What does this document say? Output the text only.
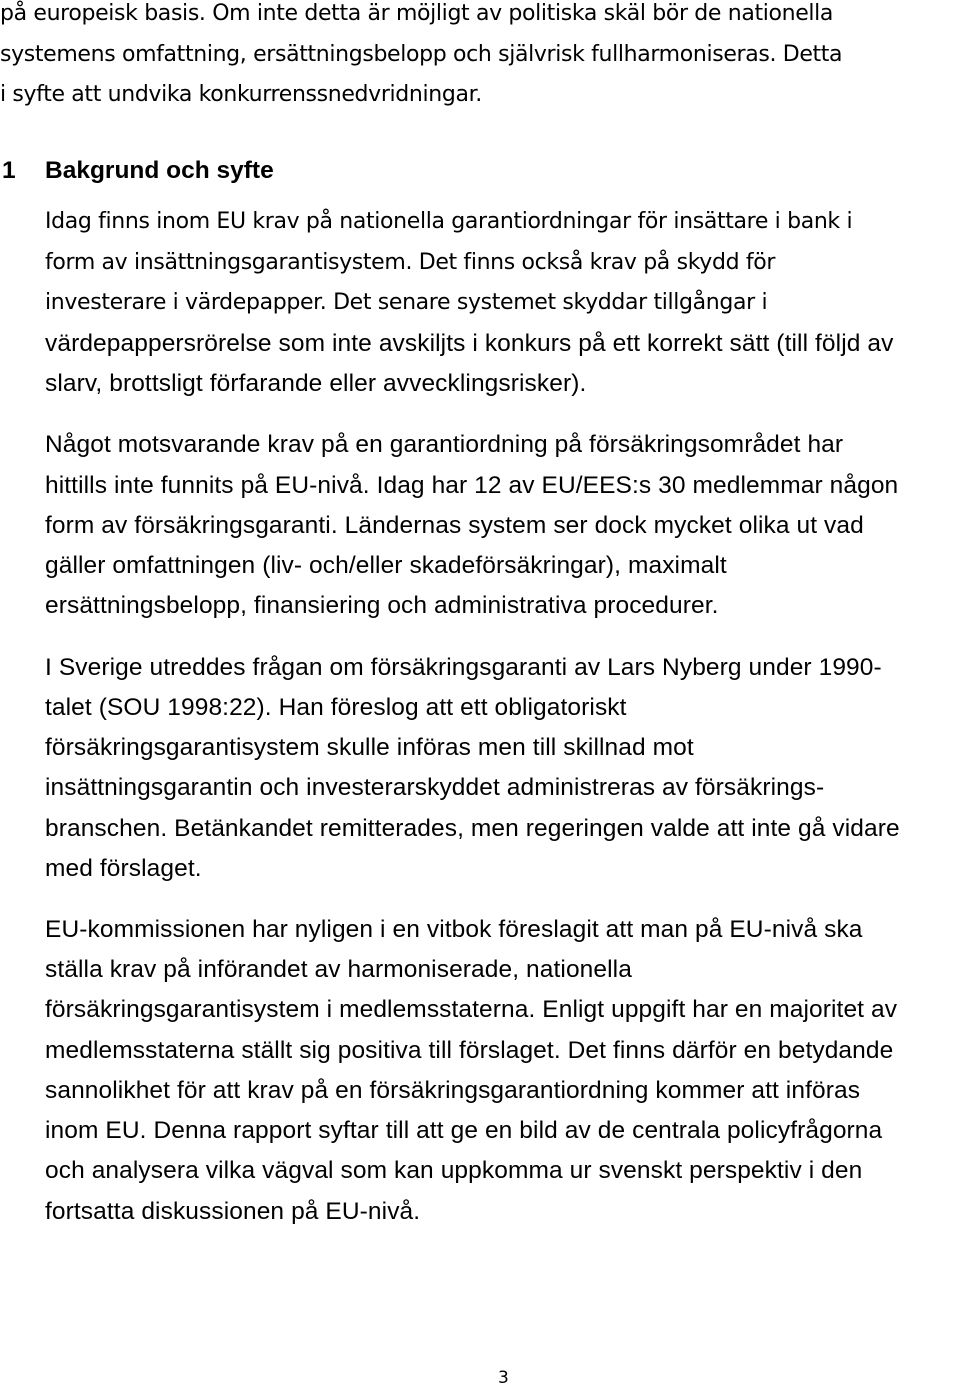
på europeisk basis. Om inte detta är möjligt av politiska skäl bör de nationella

systemens omfattning, ersättningsbelopp och självrisk fullharmoniseras. Detta

i syfte att undvika konkurrenssnedvridningar.

1 Bakgrund och syfte

Idag finns inom EU krav på nationella garantiordningar för insättare i bank i

form av insättningsgarantisystem. Det finns också krav på skydd för

investerare i värdepapper. Det senare systemet skyddar tillgångar i

värdepappersrörelse som inte avskiljts i konkurs på ett korrekt sätt (till följd av

slarv, brottsligt förfarande eller avvecklingsrisker).

Något motsvarande krav på en garantiordning på försäkringsområdet har

hittills inte funnits på EU-nivå. Idag har 12 av EU/EES:s 30 medlemmar någon

form av försäkringsgaranti. Ländernas system ser dock mycket olika ut vad

gäller omfattningen (liv- och/eller skadeförsäkringar), maximalt

ersättningsbelopp, finansiering och administrativa procedurer.

I Sverige utreddes frågan om försäkringsgaranti av Lars Nyberg under 1990-

talet (SOU 1998:22). Han föreslog att ett obligatoriskt

försäkringsgarantisystem skulle införas men till skillnad mot

insättningsgarantin och investerarskyddet administreras av försäkrings-

branschen. Betänkandet remitterades, men regeringen valde att inte gå vidare

med förslaget.

EU-kommissionen har nyligen i en vitbok föreslagit att man på EU-nivå ska

ställa krav på införandet av harmoniserade, nationella

försäkringsgarantisystem i medlemsstaterna. Enligt uppgift har en majoritet av

medlemsstaterna ställt sig positiva till förslaget. Det finns därför en betydande

sannolikhet för att krav på en försäkringsgarantiordning kommer att införas

inom EU. Denna rapport syftar till att ge en bild av de centrala policyfrågorna

och analysera vilka vägval som kan uppkomma ur svenskt perspektiv i den

fortsatta diskussionen på EU-nivå.

3
